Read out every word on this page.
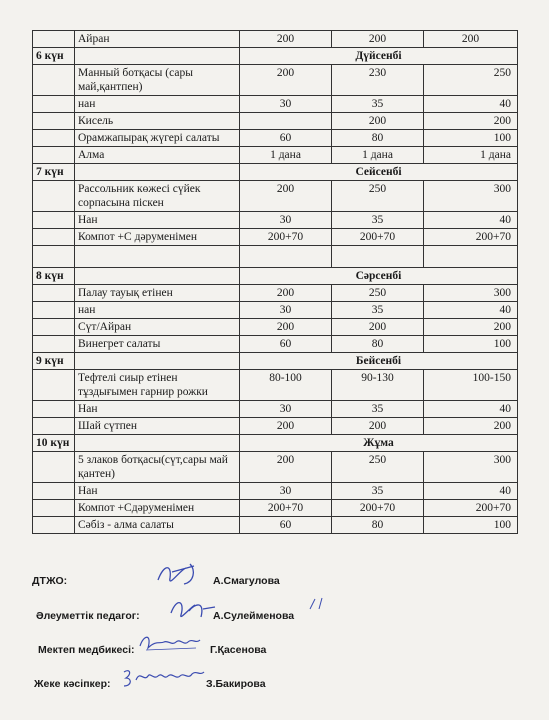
	Айран	200	200	200
6 күн		Дүйсенбі		
	Манный ботқасы (сары май,қантпен)	200	230	250
	нан	30	35	40
	Кисель		200	200
	Орамжапырақ жүгері салаты	60	80	100
	Алма	1 дана	1 дана	1 дана
7 күн		Сейсенбі		
	Рассольник көжесі сүйек сорпасына піскен	200	250	300
	Нан	30	35	40
	Компот +С дәруменімен	200+70	200+70	200+70

8 күн		Сәрсенбі		
	Палау тауық етінен	200	250	300
	нан	30	35	40
	Сүт/Айран	200	200	200
	Винегрет салаты	60	80	100
9 күн		Бейсенбі		
	Тефтелі сиыр етінен тұздығымен гарнир рожки	80-100	90-130	100-150
	Нан	30	35	40
	Шай сүтпен	200	200	200
10 күн		Жұма		
	5 злаков ботқасы(сүт,сары май қантен)	200	250	300
	Нан	30	35	40
	Компот +Сдәруменімен	200+70	200+70	200+70
	Сәбіз - алма салаты	60	80	100
ДТЖО:	А.Смагулова
Әлеуметтік педагог:	А.Сулейменова
Мектеп медбикесі:	Г.Қасенова
Жеке кәсіпкер:	З.Бакирова
